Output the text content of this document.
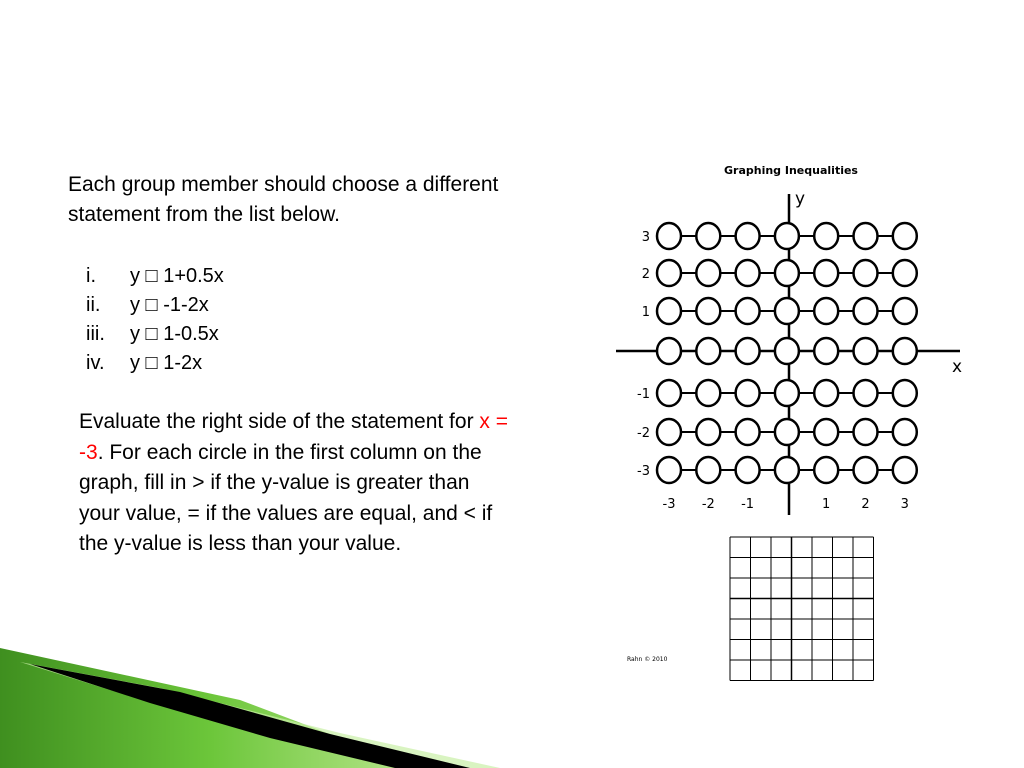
Each group member should choose a different statement from the list below.
i.	y □ 1+0.5x
ii.	y □ -1-2x
iii.	y □ 1-0.5x
iv.	y □ 1-2x
Evaluate the right side of the statement for x = -3. For each circle in the first column on the graph, fill in > if the y-value is greater than your value, = if the values are equal, and < if the y-value is less than your value.
Graphing Inequalities
y
x
3
2
1
-1
-2
-3
-3 -2 -1	1 2 3
Rahn © 2010
